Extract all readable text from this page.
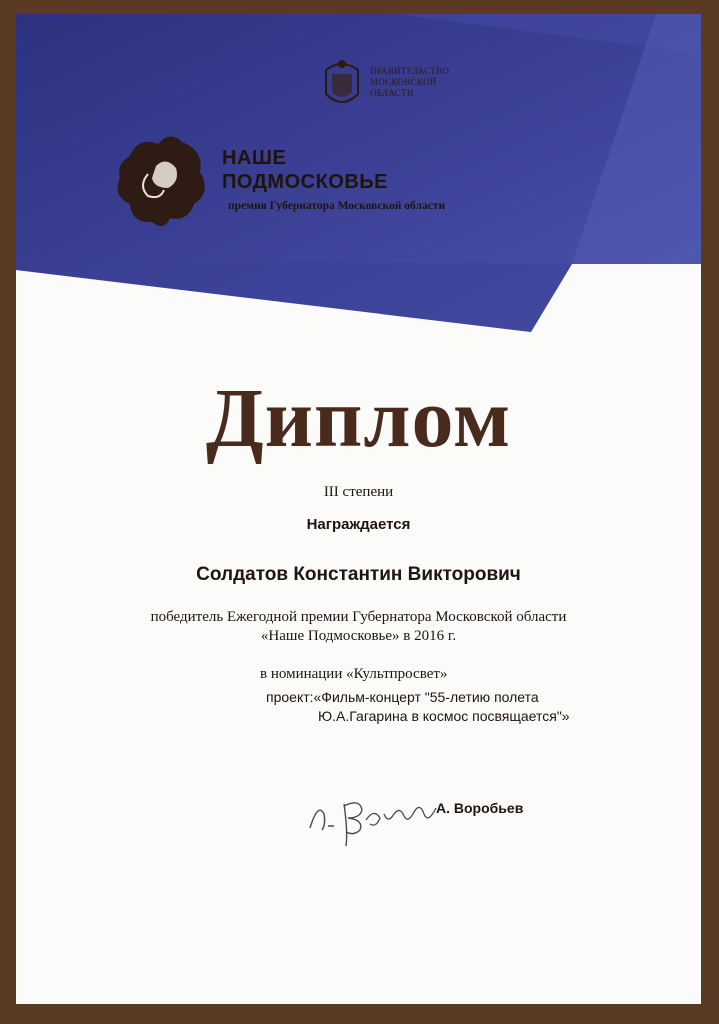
ПРАВИТЕЛЬСТВО МОСКОВСКОЙ ОБЛАСТИ
НАШЕ
ПОДМОСКОВЬЕ
премия Губернатора Московской области
Диплом
III степени
Награждается
Солдатов Константин Викторович
победитель Ежегодной премии Губернатора Московской области
«Наше Подмосковье» в 2016 г.
в номинации «Культпросвет»
проект:«Фильм-концерт "55-летию полета
Ю.А.Гагарина в космос посвящается"»
А. Воробьев
